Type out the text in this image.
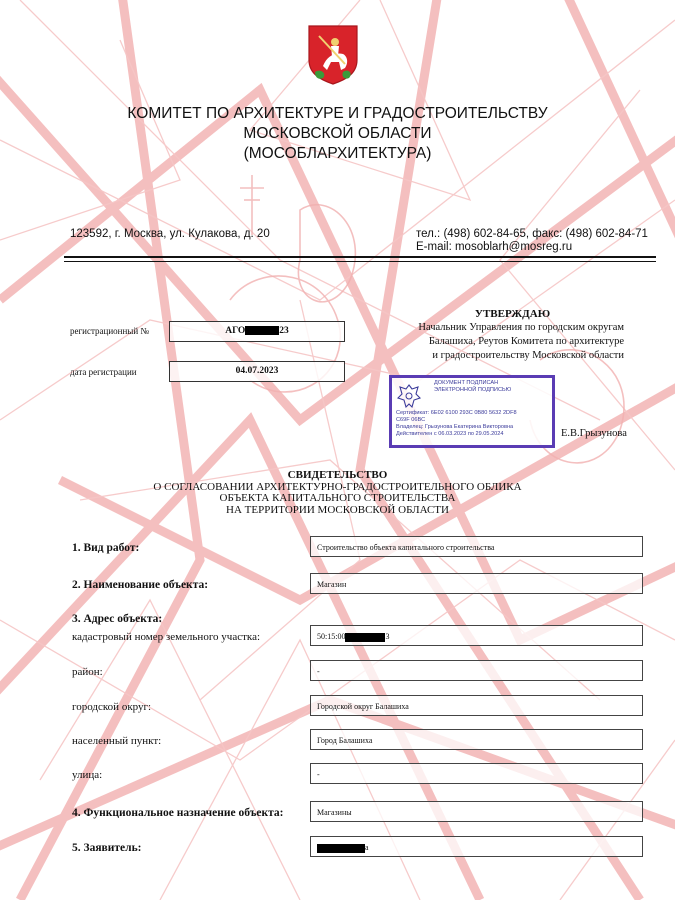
КОМИТЕТ ПО АРХИТЕКТУРЕ И ГРАДОСТРОИТЕЛЬСТВУ
МОСКОВСКОЙ ОБЛАСТИ
(МОСОБЛАРХИТЕКТУРА)
123592, г. Москва, ул. Кулакова, д. 20	тел.: (498) 602-84-65, факс: (498) 602-84-71
E-mail: mosoblarh@mosreg.ru
регистрационный №	АГО	23
дата регистрации	04.07.2023
УТВЕРЖДАЮ
Начальник Управления по городским округам
Балашиха, Реутов Комитета по архитектуре
и градостроительству Московской области
ДОКУМЕНТ ПОДПИСАН
ЭЛЕКТРОННОЙ ПОДПИСЬЮ
Сертификат: 6E02 6100 293C 0B80 5632 2DF8
C69F 06BC
Владелец: Грызунова Екатерина Викторовна
Действителен с 06.03.2023 по 29.05.2024	Е.В.Грызунова
СВИДЕТЕЛЬСТВО
О СОГЛАСОВАНИИ АРХИТЕКТУРНО-ГРАДОСТРОИТЕЛЬНОГО ОБЛИКА
ОБЪЕКТА КАПИТАЛЬНОГО СТРОИТЕЛЬСТВА
НА ТЕРРИТОРИИ МОСКОВСКОЙ ОБЛАСТИ
1. Вид работ:	Строительство объекта капитального строительства
2. Наименование объекта:	Магазин
3. Адрес объекта:
кадастровый номер земельного участка:	50:15:00	3
район:	-
городской округ:	Городской округ Балашиха
населенный пункт:	Город Балашиха
улица:	-
4. Функциональное назначение объекта:	Магазины
5. Заявитель:	а
